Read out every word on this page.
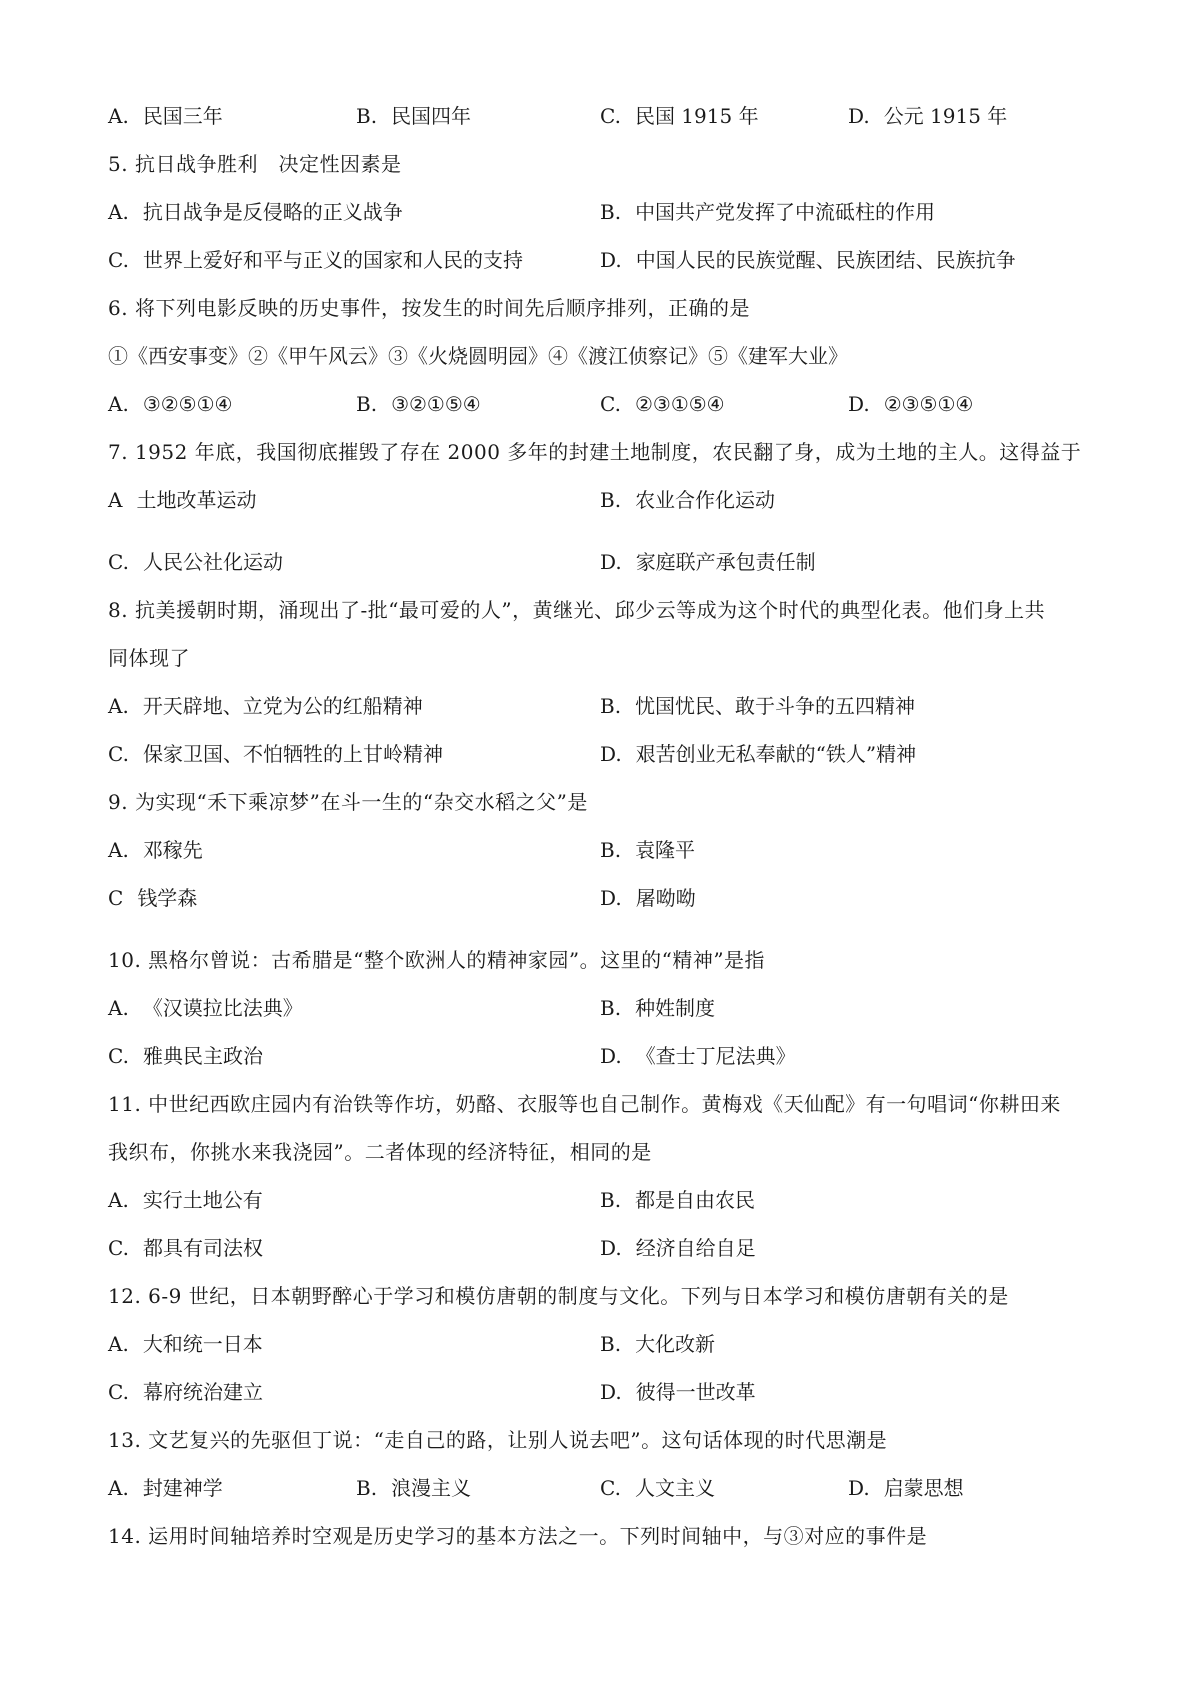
A. 民国三年	B. 民国四年	C. 民国 1915 年	D. 公元 1915 年
5. 抗日战争胜利　决定性因素是
A. 抗日战争是反侵略的正义战争	B. 中国共产党发挥了中流砥柱的作用
C. 世界上爱好和平与正义的国家和人民的支持	D. 中国人民的民族觉醒、民族团结、民族抗争
6. 将下列电影反映的历史事件，按发生的时间先后顺序排列，正确的是
①《西安事变》②《甲午风云》③《火烧圆明园》④《渡江侦察记》⑤《建军大业》
A. ③②⑤①④	B. ③②①⑤④	C. ②③①⑤④	D. ②③⑤①④
7. 1952 年底，我国彻底摧毁了存在 2000 多年的封建土地制度，农民翻了身，成为土地的主人。这得益于
A 土地改革运动	B. 农业合作化运动
C. 人民公社化运动	D. 家庭联产承包责任制
8. 抗美援朝时期，涌现出了-批“最可爱的人”，黄继光、邱少云等成为这个时代的典型化表。他们身上共
同体现了
A. 开天辟地、立党为公的红船精神	B. 忧国忧民、敢于斗争的五四精神
C. 保家卫国、不怕牺牲的上甘岭精神	D. 艰苦创业无私奉献的“铁人”精神
9. 为实现“禾下乘凉梦”在斗一生的“杂交水稻之父”是
A. 邓稼先	B. 袁隆平
C 钱学森	D. 屠呦呦
10. 黑格尔曾说：古希腊是“整个欧洲人的精神家园”。这里的“精神”是指
A. 《汉谟拉比法典》	B. 种姓制度
C. 雅典民主政治	D. 《查士丁尼法典》
11. 中世纪西欧庄园内有治铁等作坊，奶酪、衣服等也自己制作。黄梅戏《天仙配》有一句唱词“你耕田来
我织布，你挑水来我浇园”。二者体现的经济特征，相同的是
A. 实行土地公有	B. 都是自由农民
C. 都具有司法权	D. 经济自给自足
12. 6-9 世纪，日本朝野醉心于学习和模仿唐朝的制度与文化。下列与日本学习和模仿唐朝有关的是
A. 大和统一日本	B. 大化改新
C. 幕府统治建立	D. 彼得一世改革
13. 文艺复兴的先驱但丁说：“走自己的路，让别人说去吧”。这句话体现的时代思潮是
A. 封建神学	B. 浪漫主义	C. 人文主义	D. 启蒙思想
14. 运用时间轴培养时空观是历史学习的基本方法之一。下列时间轴中，与③对应的事件是
